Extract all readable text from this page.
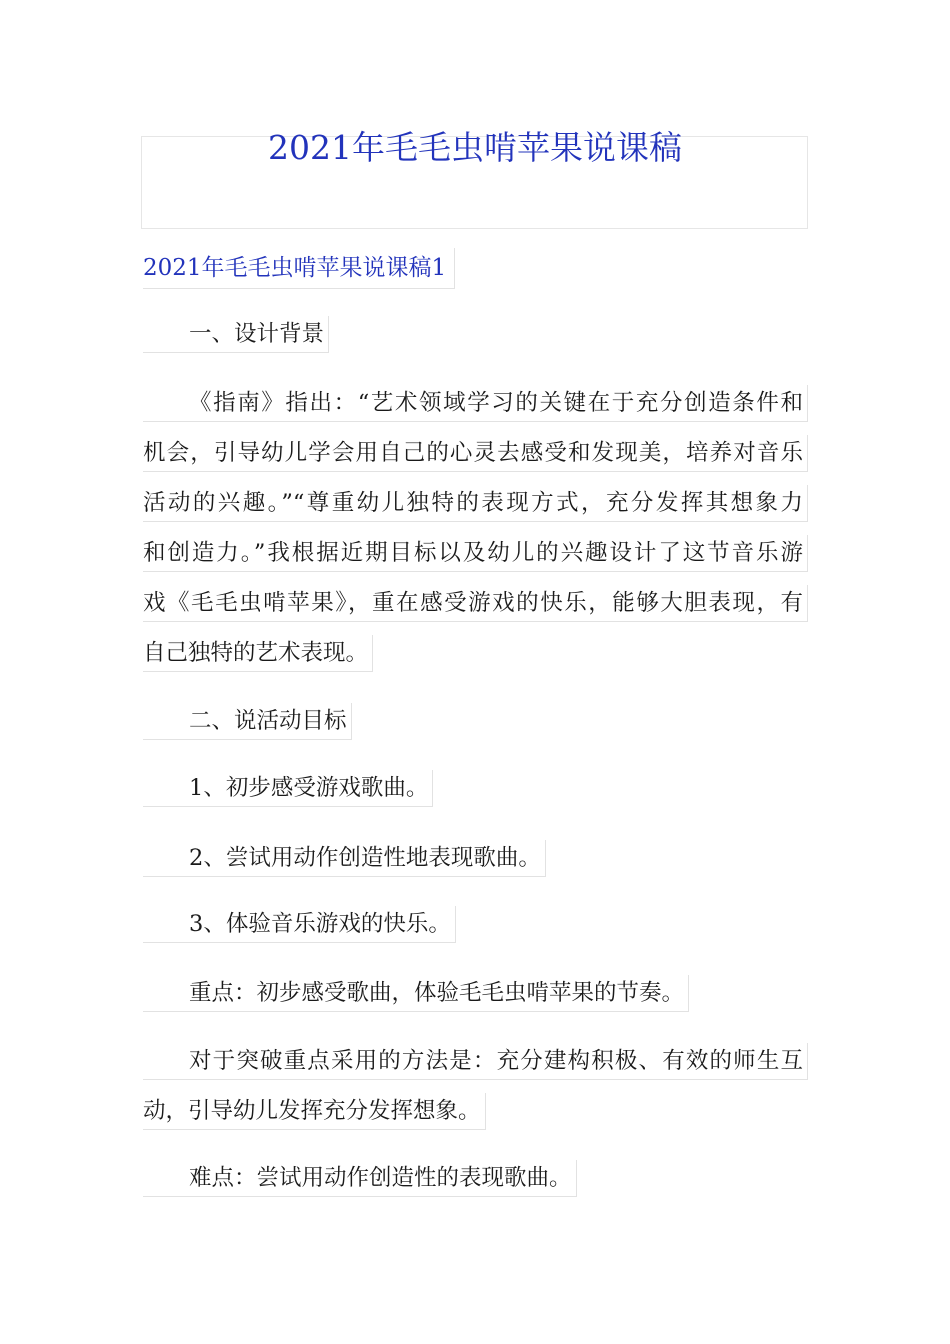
2021年毛毛虫啃苹果说课稿
2021年毛毛虫啃苹果说课稿1
一、设计背景
《指南》指出：“艺术领域学习的关键在于充分创造条件和
机会，引导幼儿学会用自己的心灵去感受和发现美，培养对音乐
活动的兴趣。”“尊重幼儿独特的表现方式，充分发挥其想象力
和创造力。”我根据近期目标以及幼儿的兴趣设计了这节音乐游
戏《毛毛虫啃苹果》，重在感受游戏的快乐，能够大胆表现，有
自己独特的艺术表现。
二、说活动目标
1、初步感受游戏歌曲。
2、尝试用动作创造性地表现歌曲。
3、体验音乐游戏的快乐。
重点：初步感受歌曲，体验毛毛虫啃苹果的节奏。
对于突破重点采用的方法是：充分建构积极、有效的师生互
动，引导幼儿发挥充分发挥想象。
难点：尝试用动作创造性的表现歌曲。
